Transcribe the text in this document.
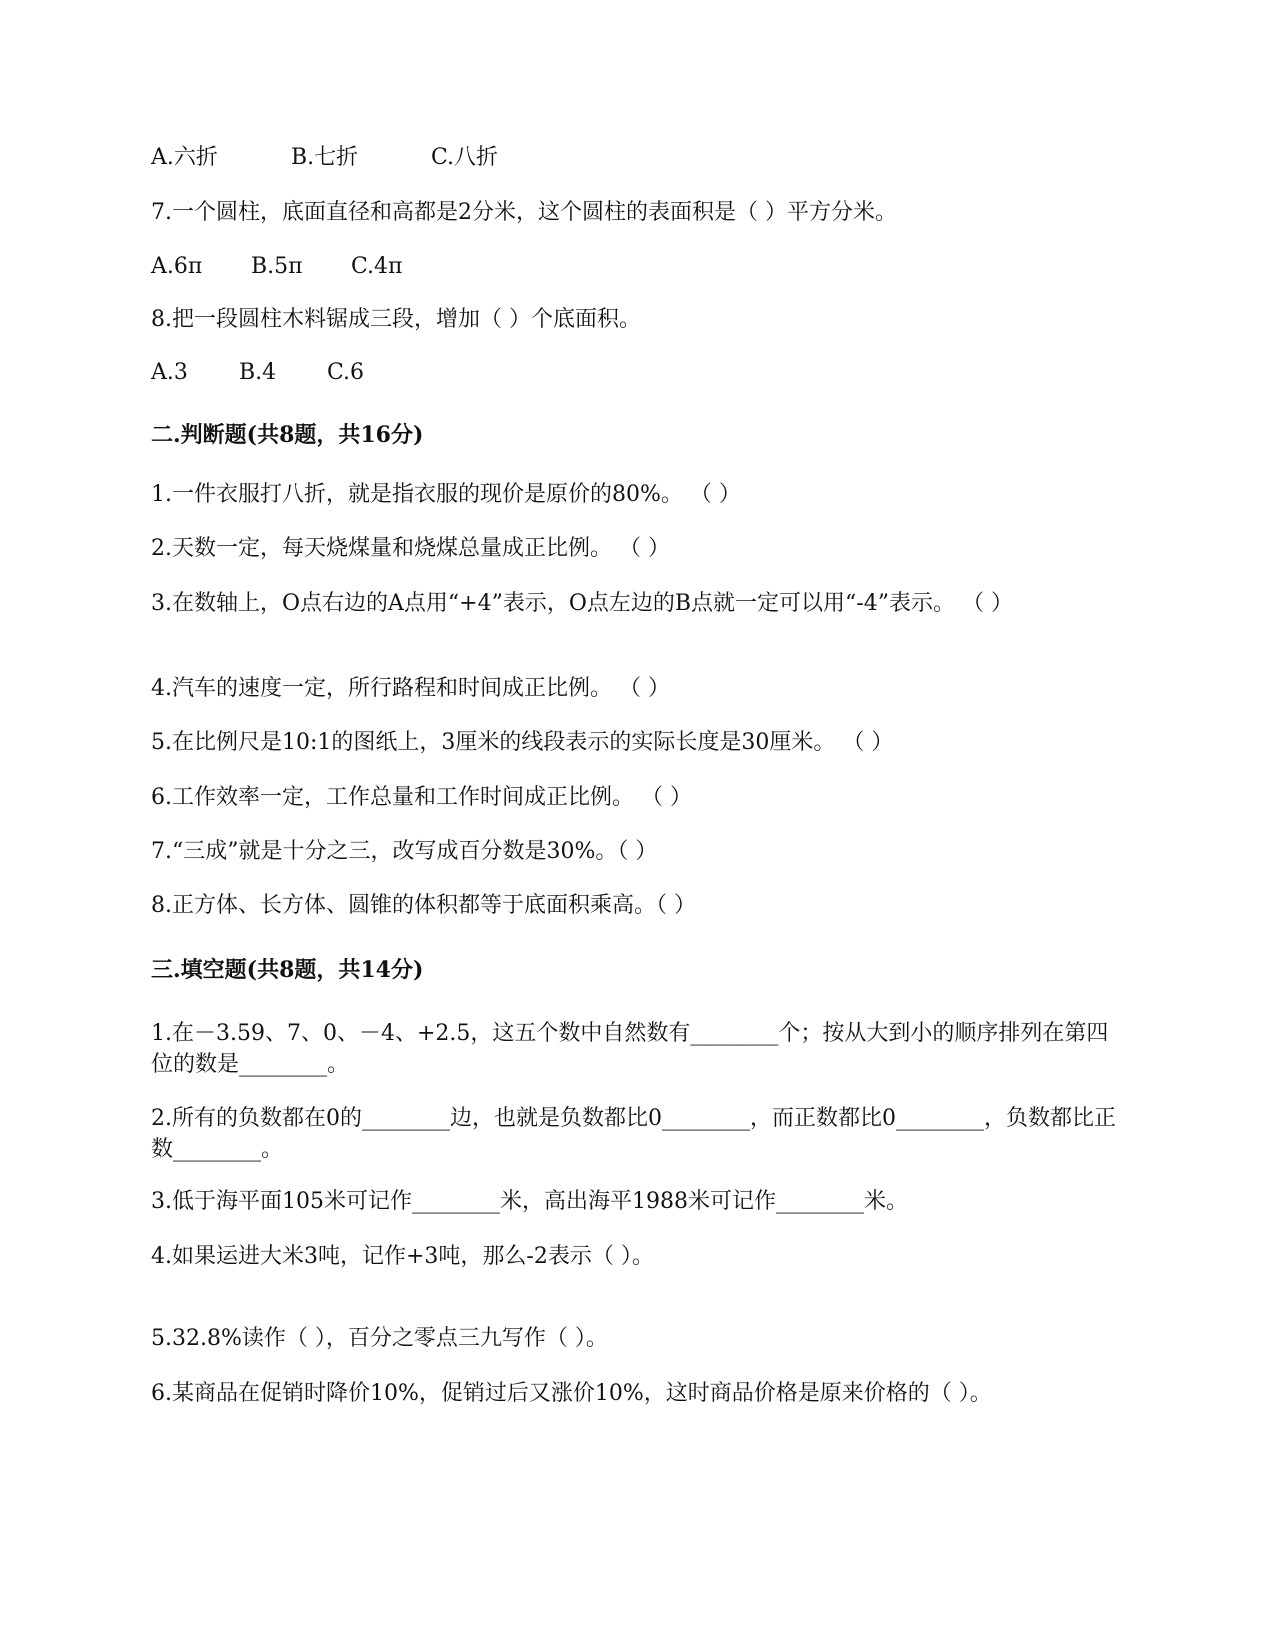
A.六折	B.七折	C.八折
7.一个圆柱，底面直径和高都是2分米，这个圆柱的表面积是（ ）平方分米。
A.6π B.5π C.4π
8.把一段圆柱木料锯成三段，增加（ ）个底面积。
A.3 B.4 C.6
二.判断题(共8题，共16分)
1.一件衣服打八折，就是指衣服的现价是原价的80%。 （ ）
2.天数一定，每天烧煤量和烧煤总量成正比例。 （ ）
3.在数轴上，O点右边的A点用“+4”表示，O点左边的B点就一定可以用“-4”表示。 （ ）
4.汽车的速度一定，所行路程和时间成正比例。 （ ）
5.在比例尺是10:1的图纸上，3厘米的线段表示的实际长度是30厘米。 （ ）
6.工作效率一定，工作总量和工作时间成正比例。 （ ）
7.“三成”就是十分之三，改写成百分数是30%。（ ）
8.正方体、长方体、圆锥的体积都等于底面积乘高。（ ）
三.填空题(共8题，共14分)
1.在－3.59、7、0、－4、+2.5，这五个数中自然数有________个；按从大到小的顺序排列在第四位的数是________。
2.所有的负数都在0的________边，也就是负数都比0________，而正数都比0________，负数都比正数________。
3.低于海平面105米可记作________米，高出海平1988米可记作________米。
4.如果运进大米3吨，记作+3吨，那么-2表示（ ）。
5.32.8%读作（ ），百分之零点三九写作（ ）。
6.某商品在促销时降价10%，促销过后又涨价10%，这时商品价格是原来价格的（ ）。
